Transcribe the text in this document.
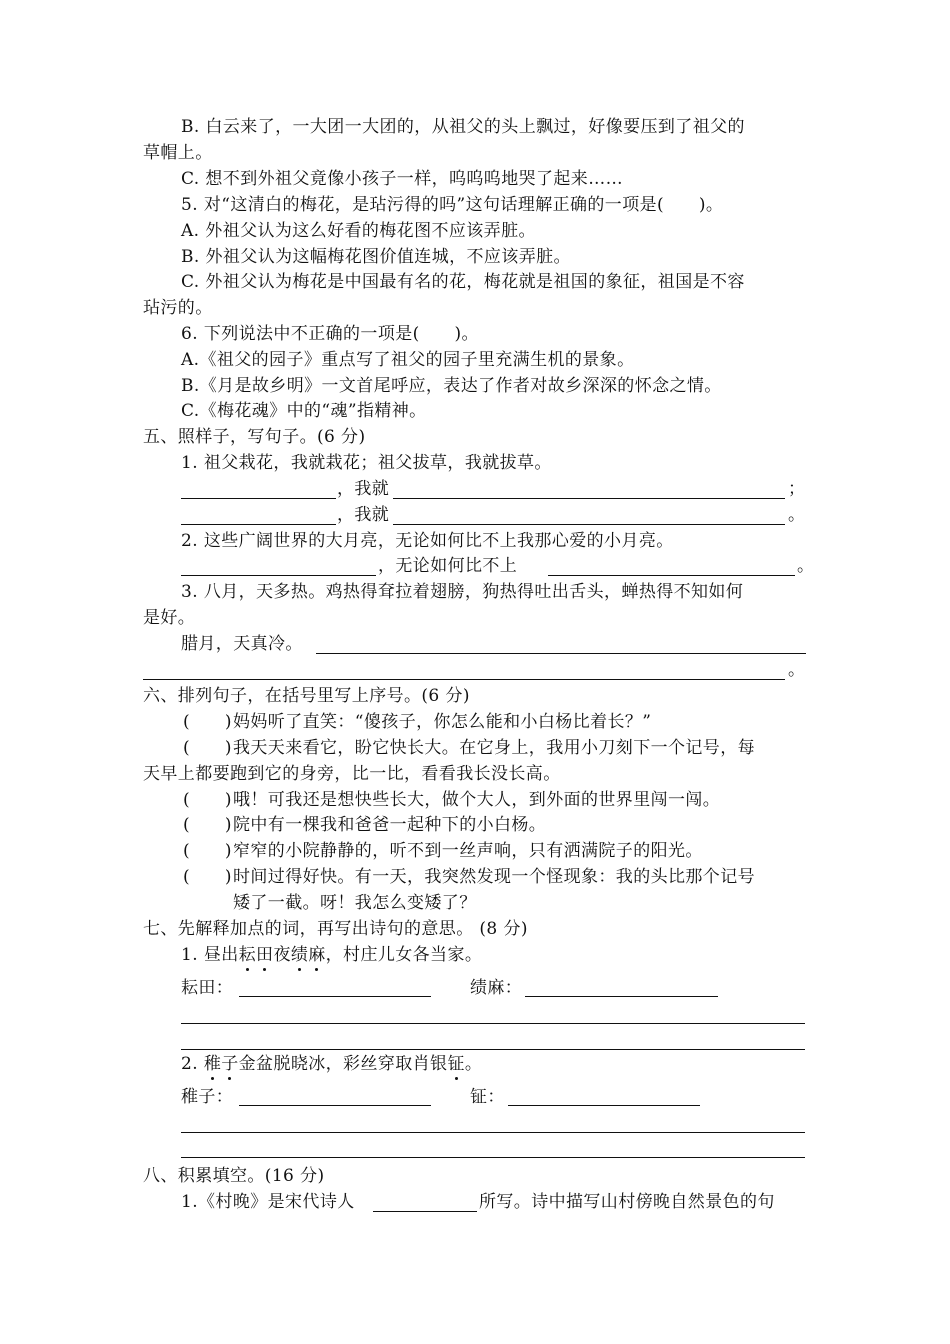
B. 白云来了，一大团一大团的，从祖父的头上飘过，好像要压到了祖父的
草帽上。
C. 想不到外祖父竟像小孩子一样，呜呜呜地哭了起来……
5. 对“这清白的梅花，是玷污得的吗”这句话理解正确的一项是(　　)。
A. 外祖父认为这么好看的梅花图不应该弄脏。
B. 外祖父认为这幅梅花图价值连城，不应该弄脏。
C. 外祖父认为梅花是中国最有名的花，梅花就是祖国的象征，祖国是不容
玷污的。
6. 下列说法中不正确的一项是(　　)。
A.《祖父的园子》重点写了祖父的园子里充满生机的景象。
B.《月是故乡明》一文首尾呼应，表达了作者对故乡深深的怀念之情。
C.《梅花魂》中的“魂”指精神。
五、照样子，写句子。(6 分)
1. 祖父栽花，我就栽花；祖父拔草，我就拔草。
，我就	；
，我就	。
2. 这些广阔世界的大月亮，无论如何比不上我那心爱的小月亮。
，无论如何比不上	。
3. 八月，天多热。鸡热得耷拉着翅膀，狗热得吐出舌头，蝉热得不知如何
是好。
腊月，天真冷。
。
六、排列句子，在括号里写上序号。(6 分)
(　　) 妈妈听了直笑：“傻孩子，你怎么能和小白杨比着长？”
(　　) 我天天来看它，盼它快长大。在它身上，我用小刀刻下一个记号，每
天早上都要跑到它的身旁，比一比，看看我长没长高。
(　　) 哦！可我还是想快些长大，做个大人，到外面的世界里闯一闯。
(　　) 院中有一棵我和爸爸一起种下的小白杨。
(　　) 窄窄的小院静静的，听不到一丝声响，只有洒满院子的阳光。
(　　) 时间过得好快。有一天，我突然发现一个怪现象：我的头比那个记号
矮了一截。呀！我怎么变矮了？
七、先解释加点的词，再写出诗句的意思。 (8 分)
1. 昼出耘田夜绩麻，村庄儿女各当家。
耘田：	绩麻：
2. 稚子金盆脱晓冰，彩丝穿取肖银钲。
稚子：	钲：
八、积累填空。(16 分)
1.《村晚》是宋代诗人	所写。诗中描写山村傍晚自然景色的句
